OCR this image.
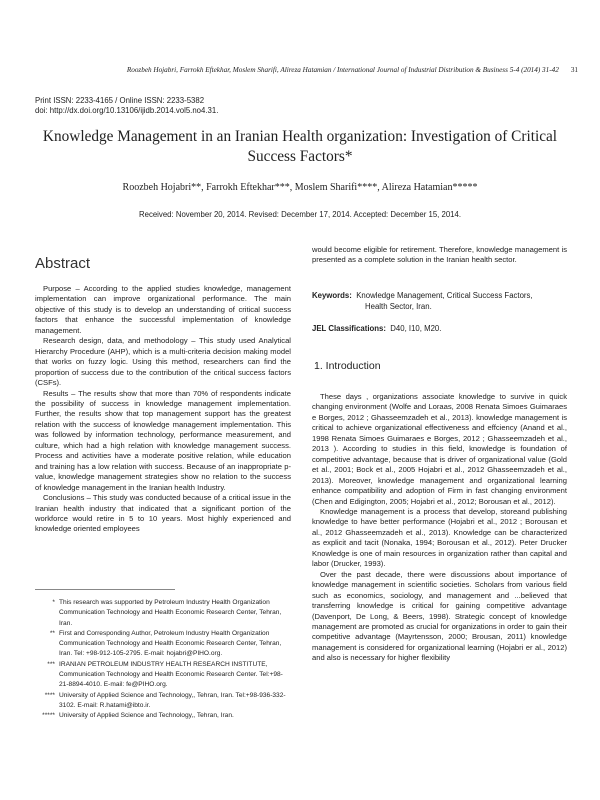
Roozbeh Hojabri, Farrokh Eftekhar, Moslem Sharifi, Alireza Hatamian / International Journal of Industrial Distribution & Business 5-4 (2014) 31-42 31
Print ISSN: 2233-4165 / Online ISSN: 2233-5382
doi: http://dx.doi.org/10.13106/ijidb.2014.vol5.no4.31.
Knowledge Management in an Iranian Health organization: Investigation of Critical Success Factors*
Roozbeh Hojabri**, Farrokh Eftekhar***, Moslem Sharifi****, Alireza Hatamian*****
Received: November 20, 2014. Revised: December 17, 2014. Accepted: December 15, 2014.
Abstract

Purpose – According to the applied studies knowledge, management implementation can improve organizational performance. The main objective of this study is to develop an understanding of critical success factors that enhance the successful implementation of knowledge management.

Research design, data, and methodology – This study used Analytical Hierarchy Procedure (AHP), which is a multi-criteria decision making model that works on fuzzy logic. Using this method, researchers can find the proportion of success due to the contribution of the critical success factors (CSFs).

Results – The results show that more than 70% of respondents indicate the possibility of success in knowledge management implementation. Further, the results show that top management support has the greatest relation with the success of knowledge management implementation. This was followed by information technology, performance measurement, and culture, which had a high relation with knowledge management success. Process and activities have a moderate positive relation, while education and training has a low relation with success. Because of an inappropriate p-value, knowledge management strategies show no relation to the success of knowledge management in the Iranian health Industry.

Conclusions – This study was conducted because of a critical issue in the Iranian health industry that indicated that a significant portion of the workforce would retire in 5 to 10 years. Most highly experienced and knowledge oriented employees

* This research was supported by Petroleum Industry Health Organization Communication Technology and Health Economic Research Center, Tehran, Iran.
** First and Corresponding Author, Petroleum Industry Health Organization Communication Technology and Health Economic Research Center, Tehran, Iran. Tel: +98-912-105-2795. E-mail: hojabri@PIHO.org.
*** IRANIAN PETROLEUM INDUSTRY HEALTH RESEARCH INSTITUTE, Communication Technology and Health Economic Research Center. Tel:+98-21-8894-4010. E-mail: fe@PIHO.org.
**** University of Applied Science and Technology,, Tehran, Iran. Tel:+98-936-332-3102. E-mail: R.hatami@ibto.ir.
***** University of Applied Science and Technology,, Tehran, Iran.
would become eligible for retirement. Therefore, knowledge management is presented as a complete solution in the Iranian health sector.
Keywords: Knowledge Management, Critical Success Factors,
Health Sector, Iran.
JEL Classifications: D40, I10, M20.
1. Introduction

These days , organizations associate knowledge to survive in quick changing environment (Wolfe and Loraas, 2008 Renata Simoes Guimaraes e Borges, 2012 ; Ghasseemzadeh et al., 2013). knowledge management is critical to achieve organizational effectiveness and effciency (Anand et al., 1998 Renata Simoes Guimaraes e Borges, 2012 ; Ghasseemzadeh et al., 2013 ). According to studies in this field, knowledge is foundation of competitive advantage, because that is driver of organizational value (Gold et al., 2001; Bock et al., 2005 Hojabri et al., 2012 Ghasseemzadeh et al., 2013). Moreover, knowledge management and organizational learning enhance compatibility and adoption of Firm in fast changing environment (Chen and Edigington, 2005; Hojabri et al., 2012; Borousan et al., 2012).

Knowledge management is a process that develop, storeand publishing knowledge to have better performance (Hojabri et al., 2012 ; Borousan et al., 2012 Ghasseemzadeh et al., 2013). Knowledge can be characterized as explicit and tacit (Nonaka, 1994; Borousan et al., 2012). Peter Drucker Knowledge is one of main resources in organization rather than capital and labor (Drucker, 1993).

Over the past decade, there were discussions about importance of knowledge management in scientific societies. Scholars from various field such as economics, sociology, and management and ...believed that transferring knowledge is critical for gaining competitive advantage (Davenport, De Long, & Beers, 1998). Strategic concept of knowledge management are promoted as crucial for organizations in order to gain their competitive advantage (Mayrtensson, 2000; Brousan, 2011) knowledge management is considered for organizational learning (Hojabri er al., 2012) and also is necessary for higher flexibility
